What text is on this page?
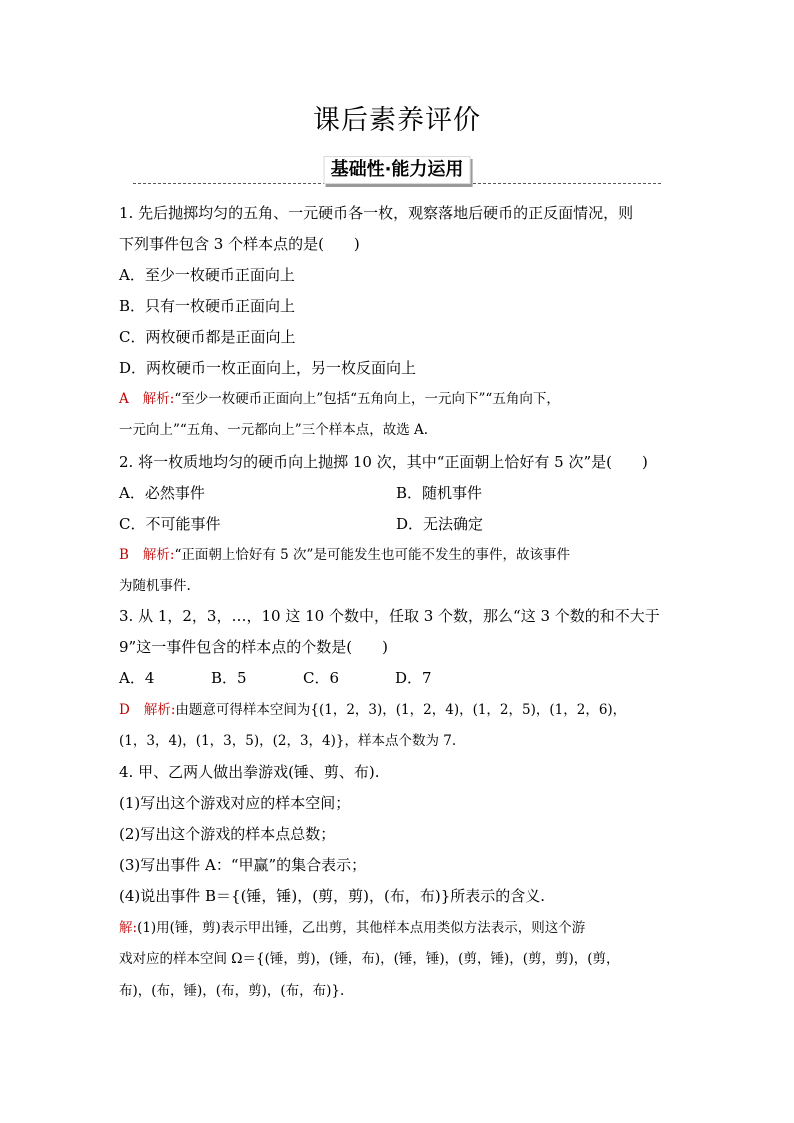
课后素养评价
基础性·能力运用
1. 先后抛掷均匀的五角、一元硬币各一枚，观察落地后硬币的正反面情况，则
下列事件包含 3 个样本点的是(　　)
A．至少一枚硬币正面向上
B．只有一枚硬币正面向上
C．两枚硬币都是正面向上
D．两枚硬币一枚正面向上，另一枚反面向上
A 解析:“至少一枚硬币正面向上”包括“五角向上，一元向下”“五角向下，
一元向上”“五角、一元都向上”三个样本点，故选 A.
2. 将一枚质地均匀的硬币向上抛掷 10 次，其中“正面朝上恰好有 5 次”是(　　)
A．必然事件	B．随机事件
C．不可能事件	D．无法确定
B 解析:“正面朝上恰好有 5 次”是可能发生也可能不发生的事件，故该事件
为随机事件.
3. 从 1，2，3，…，10 这 10 个数中，任取 3 个数，那么“这 3 个数的和不大于
9”这一事件包含的样本点的个数是(　　)
A．4	B．5	C．6	D．7
D 解析:由题意可得样本空间为{(1，2，3)，(1，2，4)，(1，2，5)，(1，2，6)，
(1，3，4)，(1，3，5)，(2，3，4)}，样本点个数为 7.
4. 甲、乙两人做出拳游戏(锤、剪、布).
(1)写出这个游戏对应的样本空间；
(2)写出这个游戏的样本点总数；
(3)写出事件 A：“甲赢”的集合表示；
(4)说出事件 B＝{(锤，锤)，(剪，剪)，(布，布)}所表示的含义.
解:(1)用(锤，剪)表示甲出锤，乙出剪，其他样本点用类似方法表示，则这个游
戏对应的样本空间 Ω＝{(锤，剪)，(锤，布)，(锤，锤)，(剪，锤)，(剪，剪)，(剪，
布)，(布，锤)，(布，剪)，(布，布)}.
